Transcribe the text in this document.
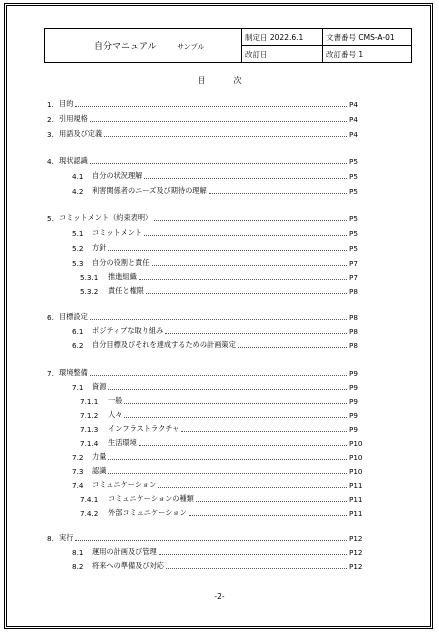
自分マニュアル サンプル	制定日 2022.6.1	文書番号 CMS-A-01
	改訂日	改訂番号 1
目	次
1. 目的	P4
2. 引用規格	P4
3. 用語及び定義	P4
4. 現状認識	P5
4.1	自分の状況理解	P5
4.2	利害関係者のニーズ及び期待の理解	P5
5. コミットメント（約束表明）	P5
5.1	コミットメント	P5
5.2	方針	P5
5.3	自分の役割と責任	P7
5.3.1	推進組織	P7
5.3.2	責任と権限	P8
6. 目標設定	P8
6.1	ポジティブな取り組み	P8
6.2	自分目標及びそれを達成するための計画策定	P8
7. 環境整備	P9
7.1	資源	P9
7.1.1	一般	P9
7.1.2	人々	P9
7.1.3	インフラストラクチャ	P9
7.1.4	生活環境	P10
7.2	力量	P10
7.3	認識	P10
7.4	コミュニケーション	P11
7.4.1	コミュニケーションの種類	P11
7.4.2	外部コミュニケーション	P11
8. 実行	P12
8.1	運用の計画及び管理	P12
8.2	将来への準備及び対応	P12
-2-
